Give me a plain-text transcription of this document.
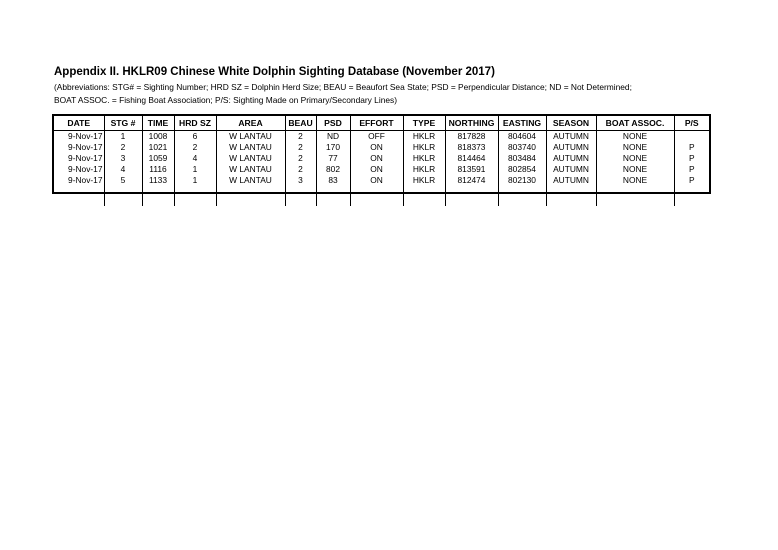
Appendix II. HKLR09 Chinese White Dolphin Sighting Database (November 2017)
(Abbreviations: STG# = Sighting Number; HRD SZ = Dolphin Herd Size; BEAU = Beaufort Sea State; PSD = Perpendicular Distance; ND = Not Determined;
BOAT ASSOC. = Fishing Boat Association; P/S: Sighting Made on Primary/Secondary Lines)
DATE	STG #	TIME	HRD SZ	AREA	BEAU	PSD	EFFORT	TYPE	NORTHING	EASTING	SEASON	BOAT ASSOC.	P/S
9-Nov-17	1	1008	6	W LANTAU	2	ND	OFF	HKLR	817828	804604	AUTUMN	NONE	
9-Nov-17	2	1021	2	W LANTAU	2	170	ON	HKLR	818373	803740	AUTUMN	NONE	P
9-Nov-17	3	1059	4	W LANTAU	2	77	ON	HKLR	814464	803484	AUTUMN	NONE	P
9-Nov-17	4	1116	1	W LANTAU	2	802	ON	HKLR	813591	802854	AUTUMN	NONE	P
9-Nov-17	5	1133	1	W LANTAU	3	83	ON	HKLR	812474	802130	AUTUMN	NONE	P
